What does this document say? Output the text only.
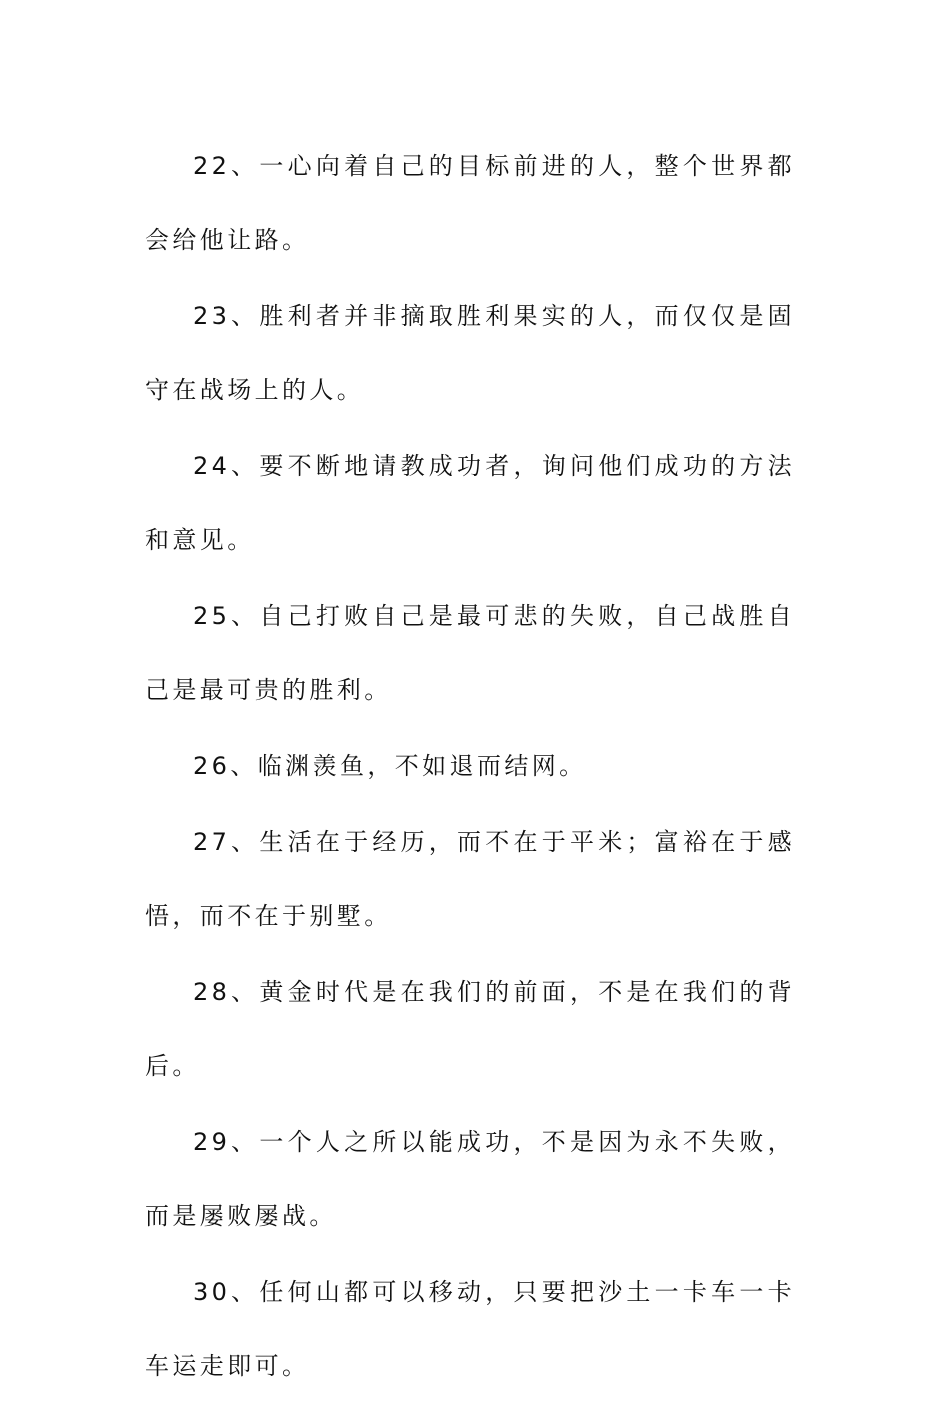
22、一心向着自己的目标前进的人，整个世界都会给他让路。

23、胜利者并非摘取胜利果实的人，而仅仅是固守在战场上的人。

24、要不断地请教成功者，询问他们成功的方法和意见。

25、自己打败自己是最可悲的失败，自己战胜自己是最可贵的胜利。

26、临渊羡鱼，不如退而结网。

27、生活在于经历，而不在于平米；富裕在于感悟，而不在于别墅。

28、黄金时代是在我们的前面，不是在我们的背后。

29、一个人之所以能成功，不是因为永不失败，而是屡败屡战。

30、任何山都可以移动，只要把沙土一卡车一卡车运走即可。
